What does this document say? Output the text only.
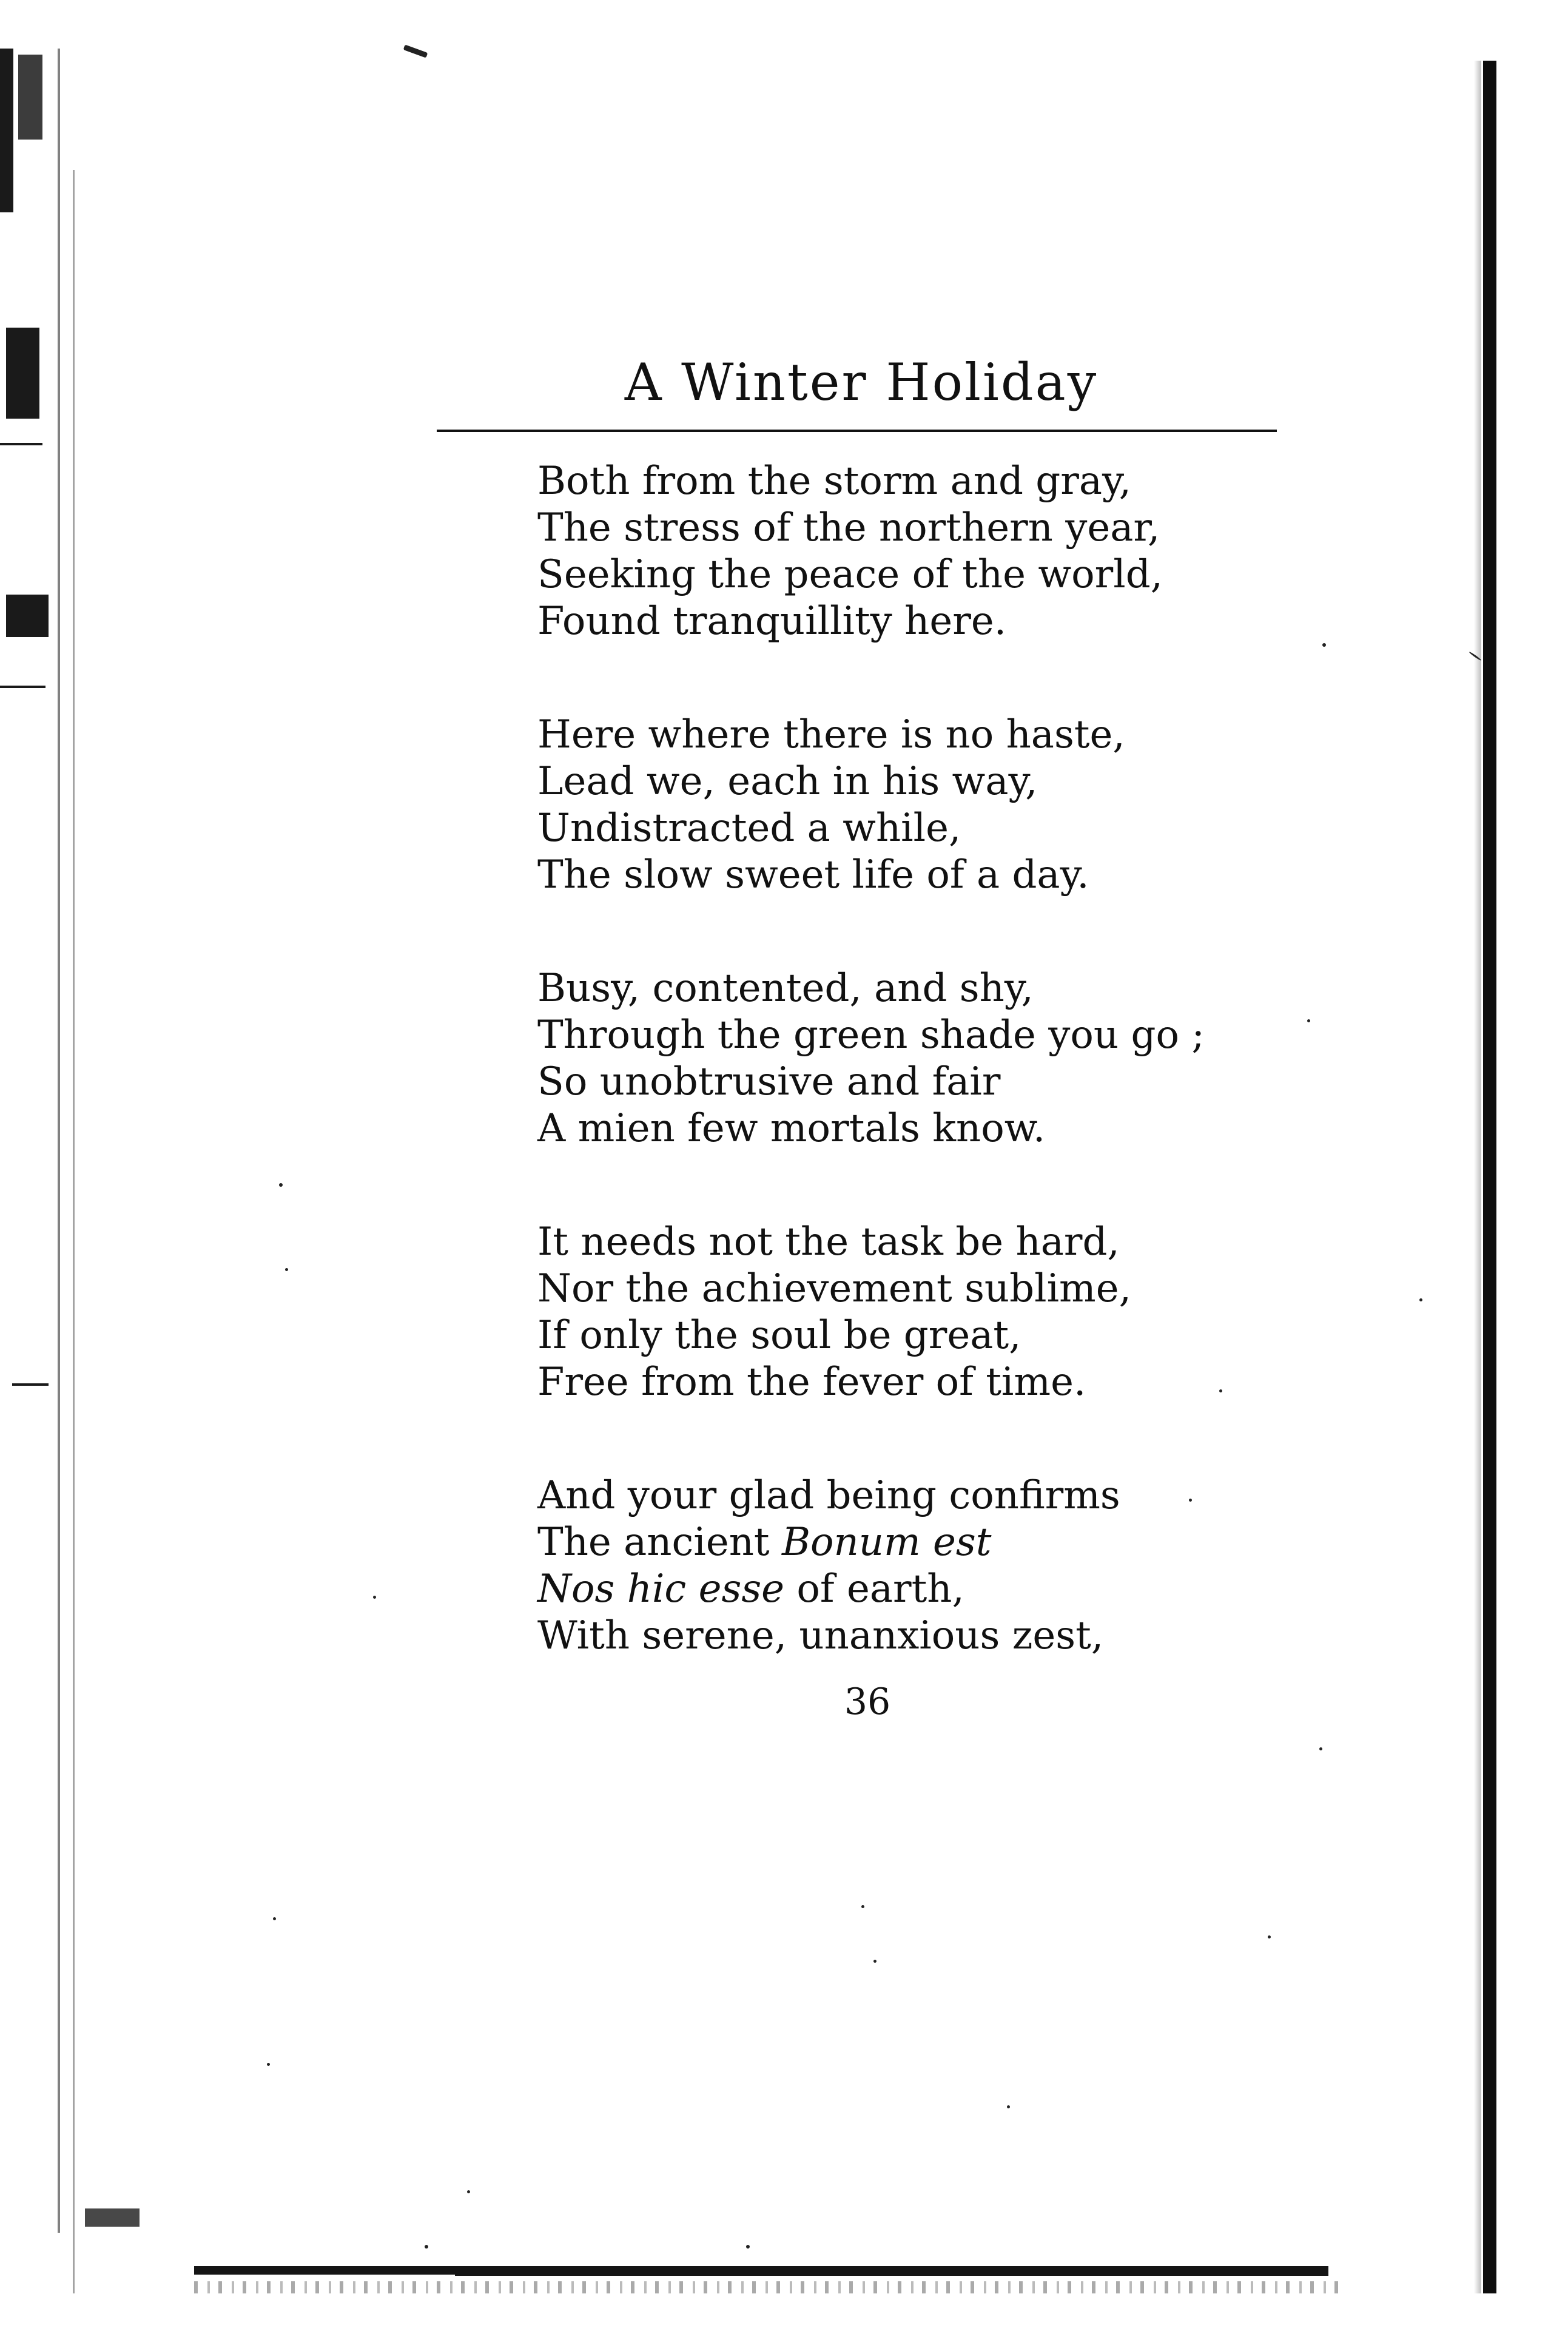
A Winter Holiday
Both from the storm and gray,
The stress of the northern year,
Seeking the peace of the world,
Found tranquillity here.
Here where there is no haste,
Lead we, each in his way,
Undistracted a while,
The slow sweet life of a day.
Busy, contented, and shy,
Through the green shade you go ;
So unobtrusive and fair
A mien few mortals know.
It needs not the task be hard,
Nor the achievement sublime,
If only the soul be great,
Free from the fever of time.
And your glad being confirms
The ancient Bonum est
Nos hic esse of earth,
With serene, unanxious zest,
36
